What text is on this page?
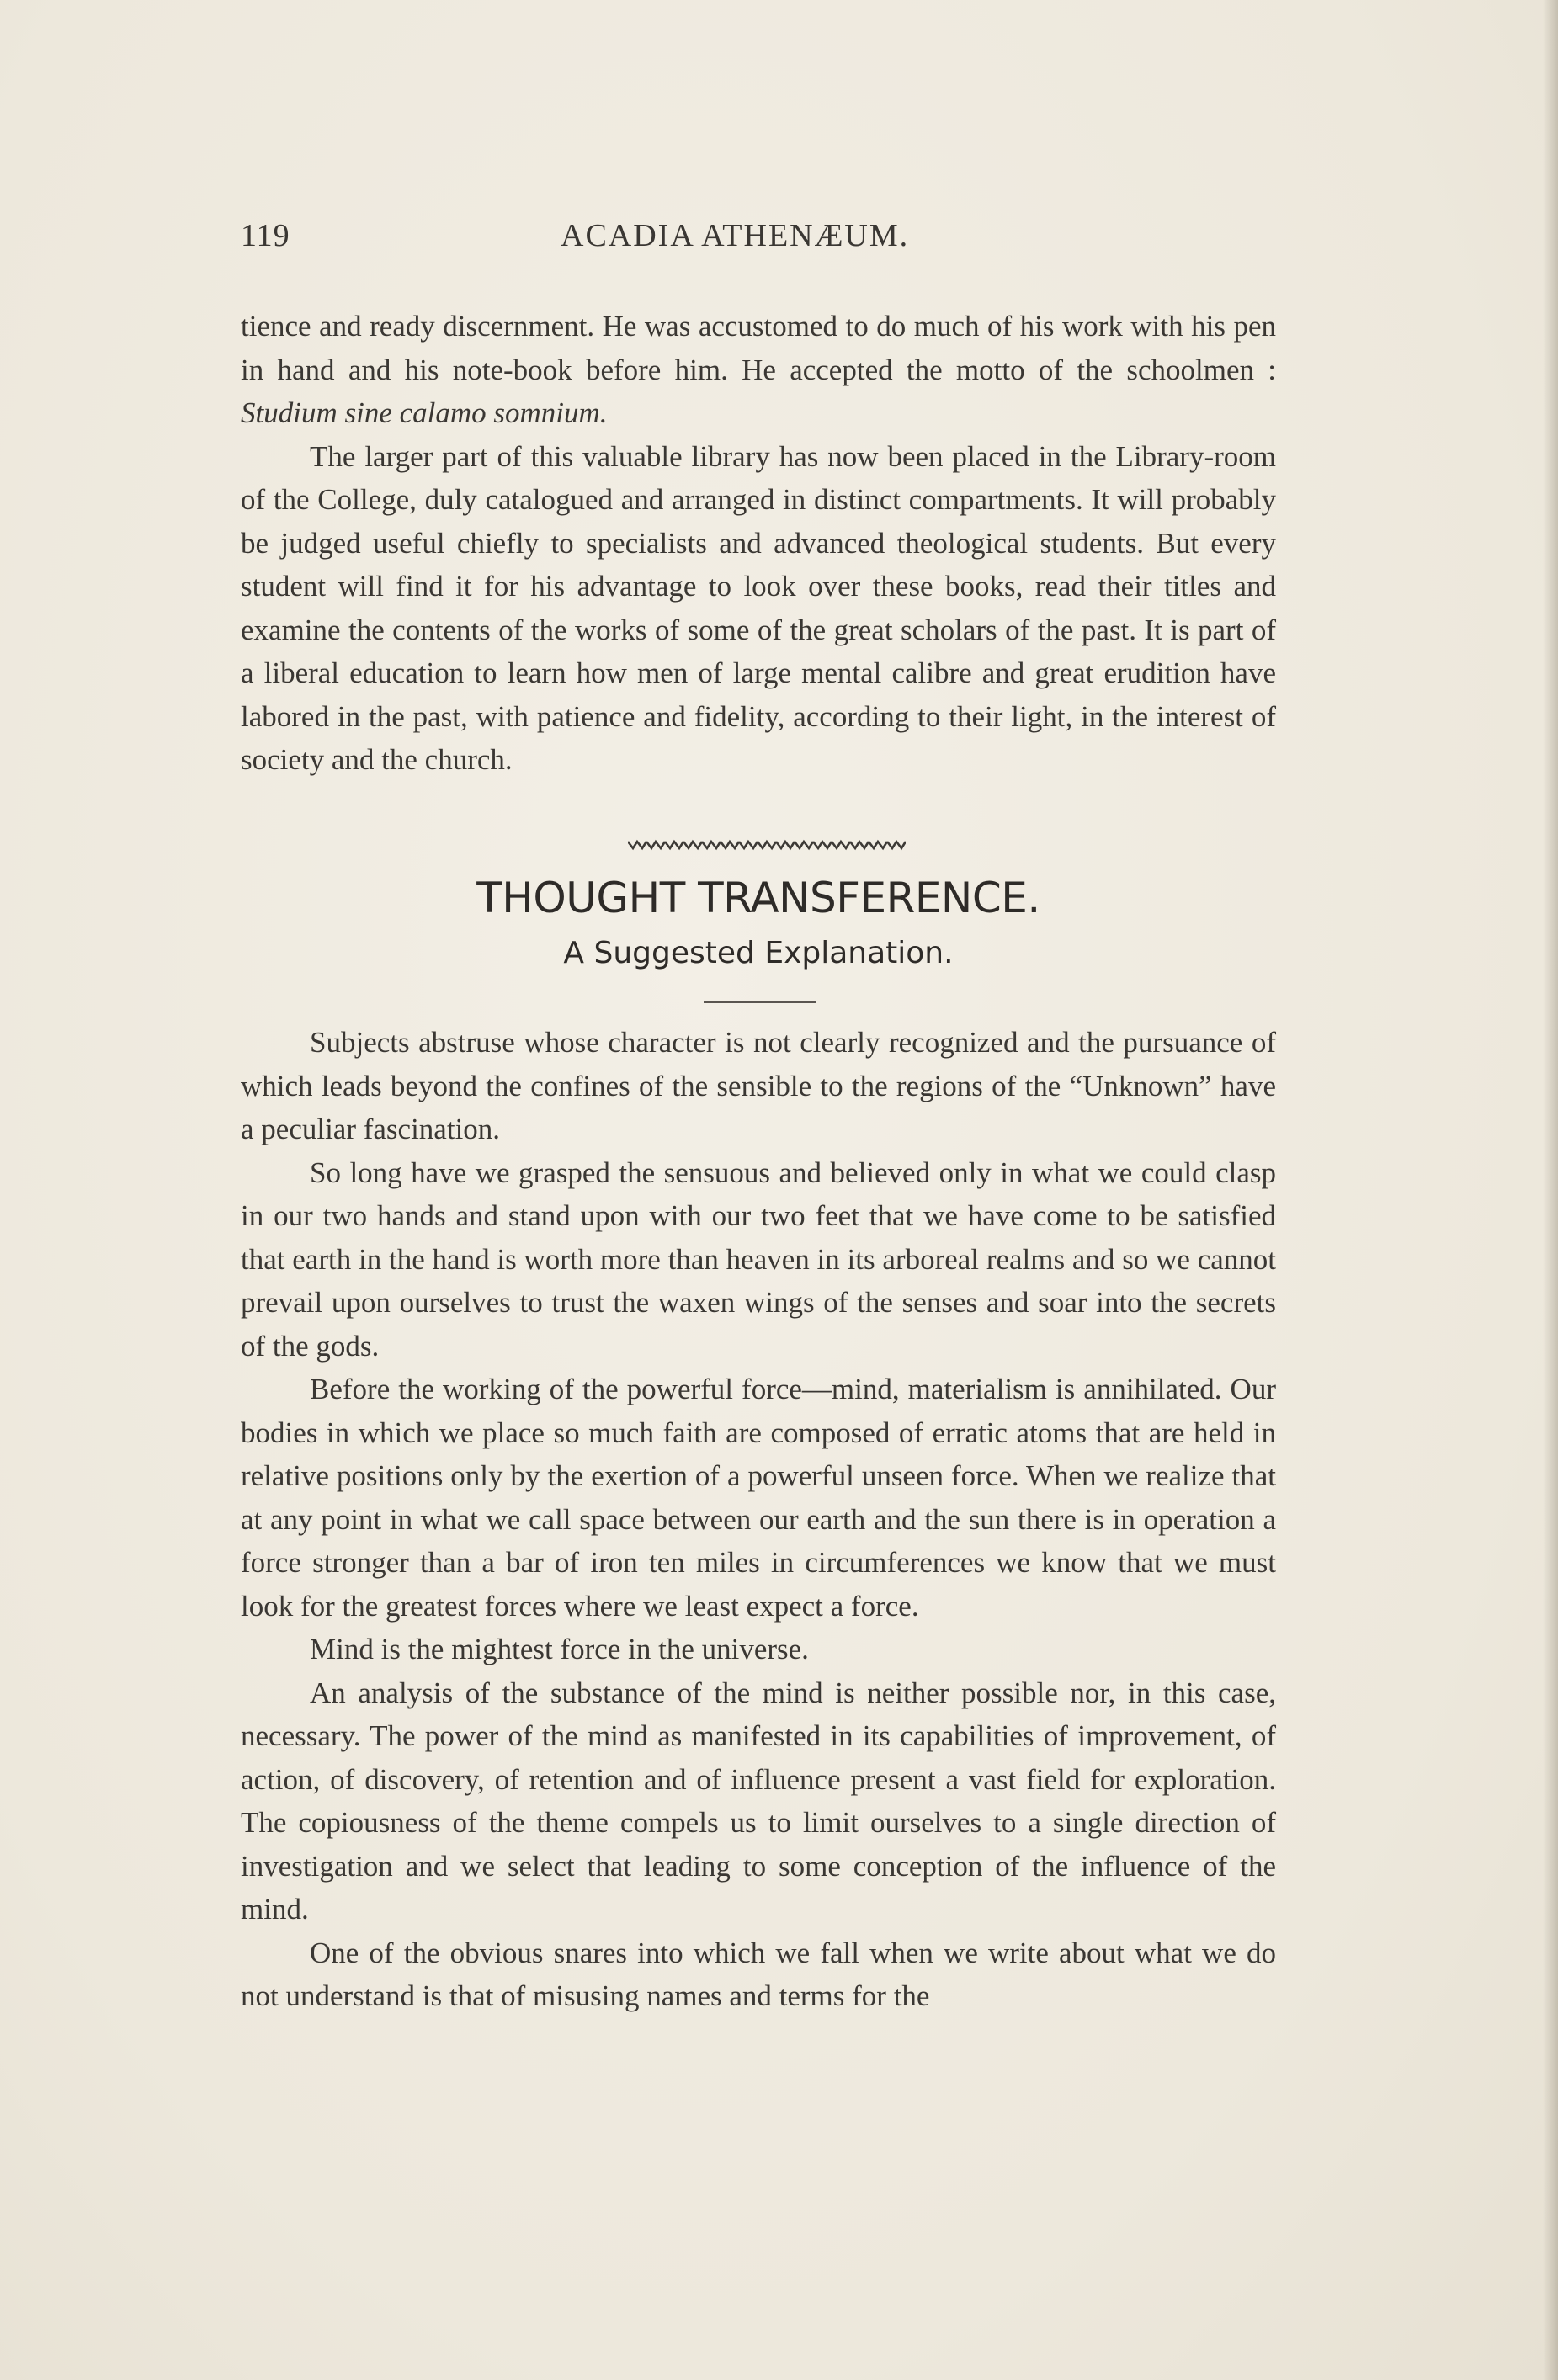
119	ACADIA ATHENÆUM.

tience and ready discernment. He was accustomed to do much of his work with his pen in hand and his note-book before him. He accepted the motto of the schoolmen : Studium sine calamo somnium.

The larger part of this valuable library has now been placed in the Library-room of the College, duly catalogued and arranged in distinct compartments. It will probably be judged useful chiefly to specialists and advanced theological students. But every student will find it for his advantage to look over these books, read their titles and examine the contents of the works of some of the great scholars of the past. It is part of a liberal education to learn how men of large mental calibre and great erudition have labored in the past, with patience and fidelity, according to their light, in the interest of society and the church.

THOUGHT TRANSFERENCE.
A Suggested Explanation.

Subjects abstruse whose character is not clearly recognized and the pursuance of which leads beyond the confines of the sensible to the regions of the “Unknown” have a peculiar fascination.

So long have we grasped the sensuous and believed only in what we could clasp in our two hands and stand upon with our two feet that we have come to be satisfied that earth in the hand is worth more than heaven in its arboreal realms and so we cannot prevail upon ourselves to trust the waxen wings of the senses and soar into the secrets of the gods.

Before the working of the powerful force—mind, materialism is annihilated. Our bodies in which we place so much faith are composed of erratic atoms that are held in relative positions only by the exertion of a powerful unseen force. When we realize that at any point in what we call space between our earth and the sun there is in operation a force stronger than a bar of iron ten miles in circumferences we know that we must look for the greatest forces where we least expect a force.

Mind is the mightest force in the universe.

An analysis of the substance of the mind is neither possible nor, in this case, necessary. The power of the mind as manifested in its capabilities of improvement, of action, of discovery, of retention and of influence present a vast field for exploration. The copiousness of the theme compels us to limit ourselves to a single direction of investigation and we select that leading to some conception of the influence of the mind.

One of the obvious snares into which we fall when we write about what we do not understand is that of misusing names and terms for the
